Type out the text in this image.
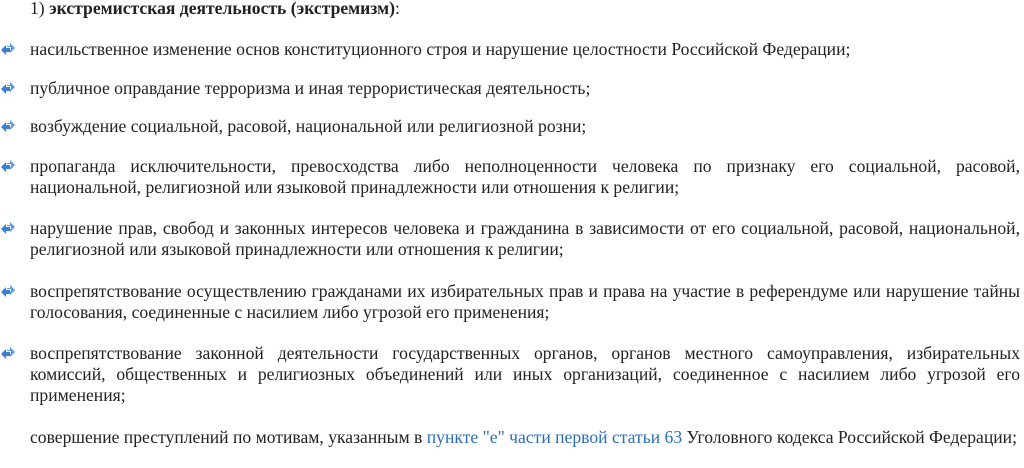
1) экстремистская деятельность (экстремизм):
насильственное изменение основ конституционного строя и нарушение целостности Российской Федерации;
публичное оправдание терроризма и иная террористическая деятельность;
возбуждение социальной, расовой, национальной или религиозной розни;
пропаганда исключительности, превосходства либо неполноценности человека по признаку его социальной, расовой, национальной, религиозной или языковой принадлежности или отношения к религии;
нарушение прав, свобод и законных интересов человека и гражданина в зависимости от его социальной, расовой, национальной, религиозной или языковой принадлежности или отношения к религии;
воспрепятствование осуществлению гражданами их избирательных прав и права на участие в референдуме или нарушение тайны голосования, соединенные с насилием либо угрозой его применения;
воспрепятствование законной деятельности государственных органов, органов местного самоуправления, избирательных комиссий, общественных и религиозных объединений или иных организаций, соединенное с насилием либо угрозой его применения;
совершение преступлений по мотивам, указанным в пункте "е" части первой статьи 63 Уголовного кодекса Российской Федерации;
